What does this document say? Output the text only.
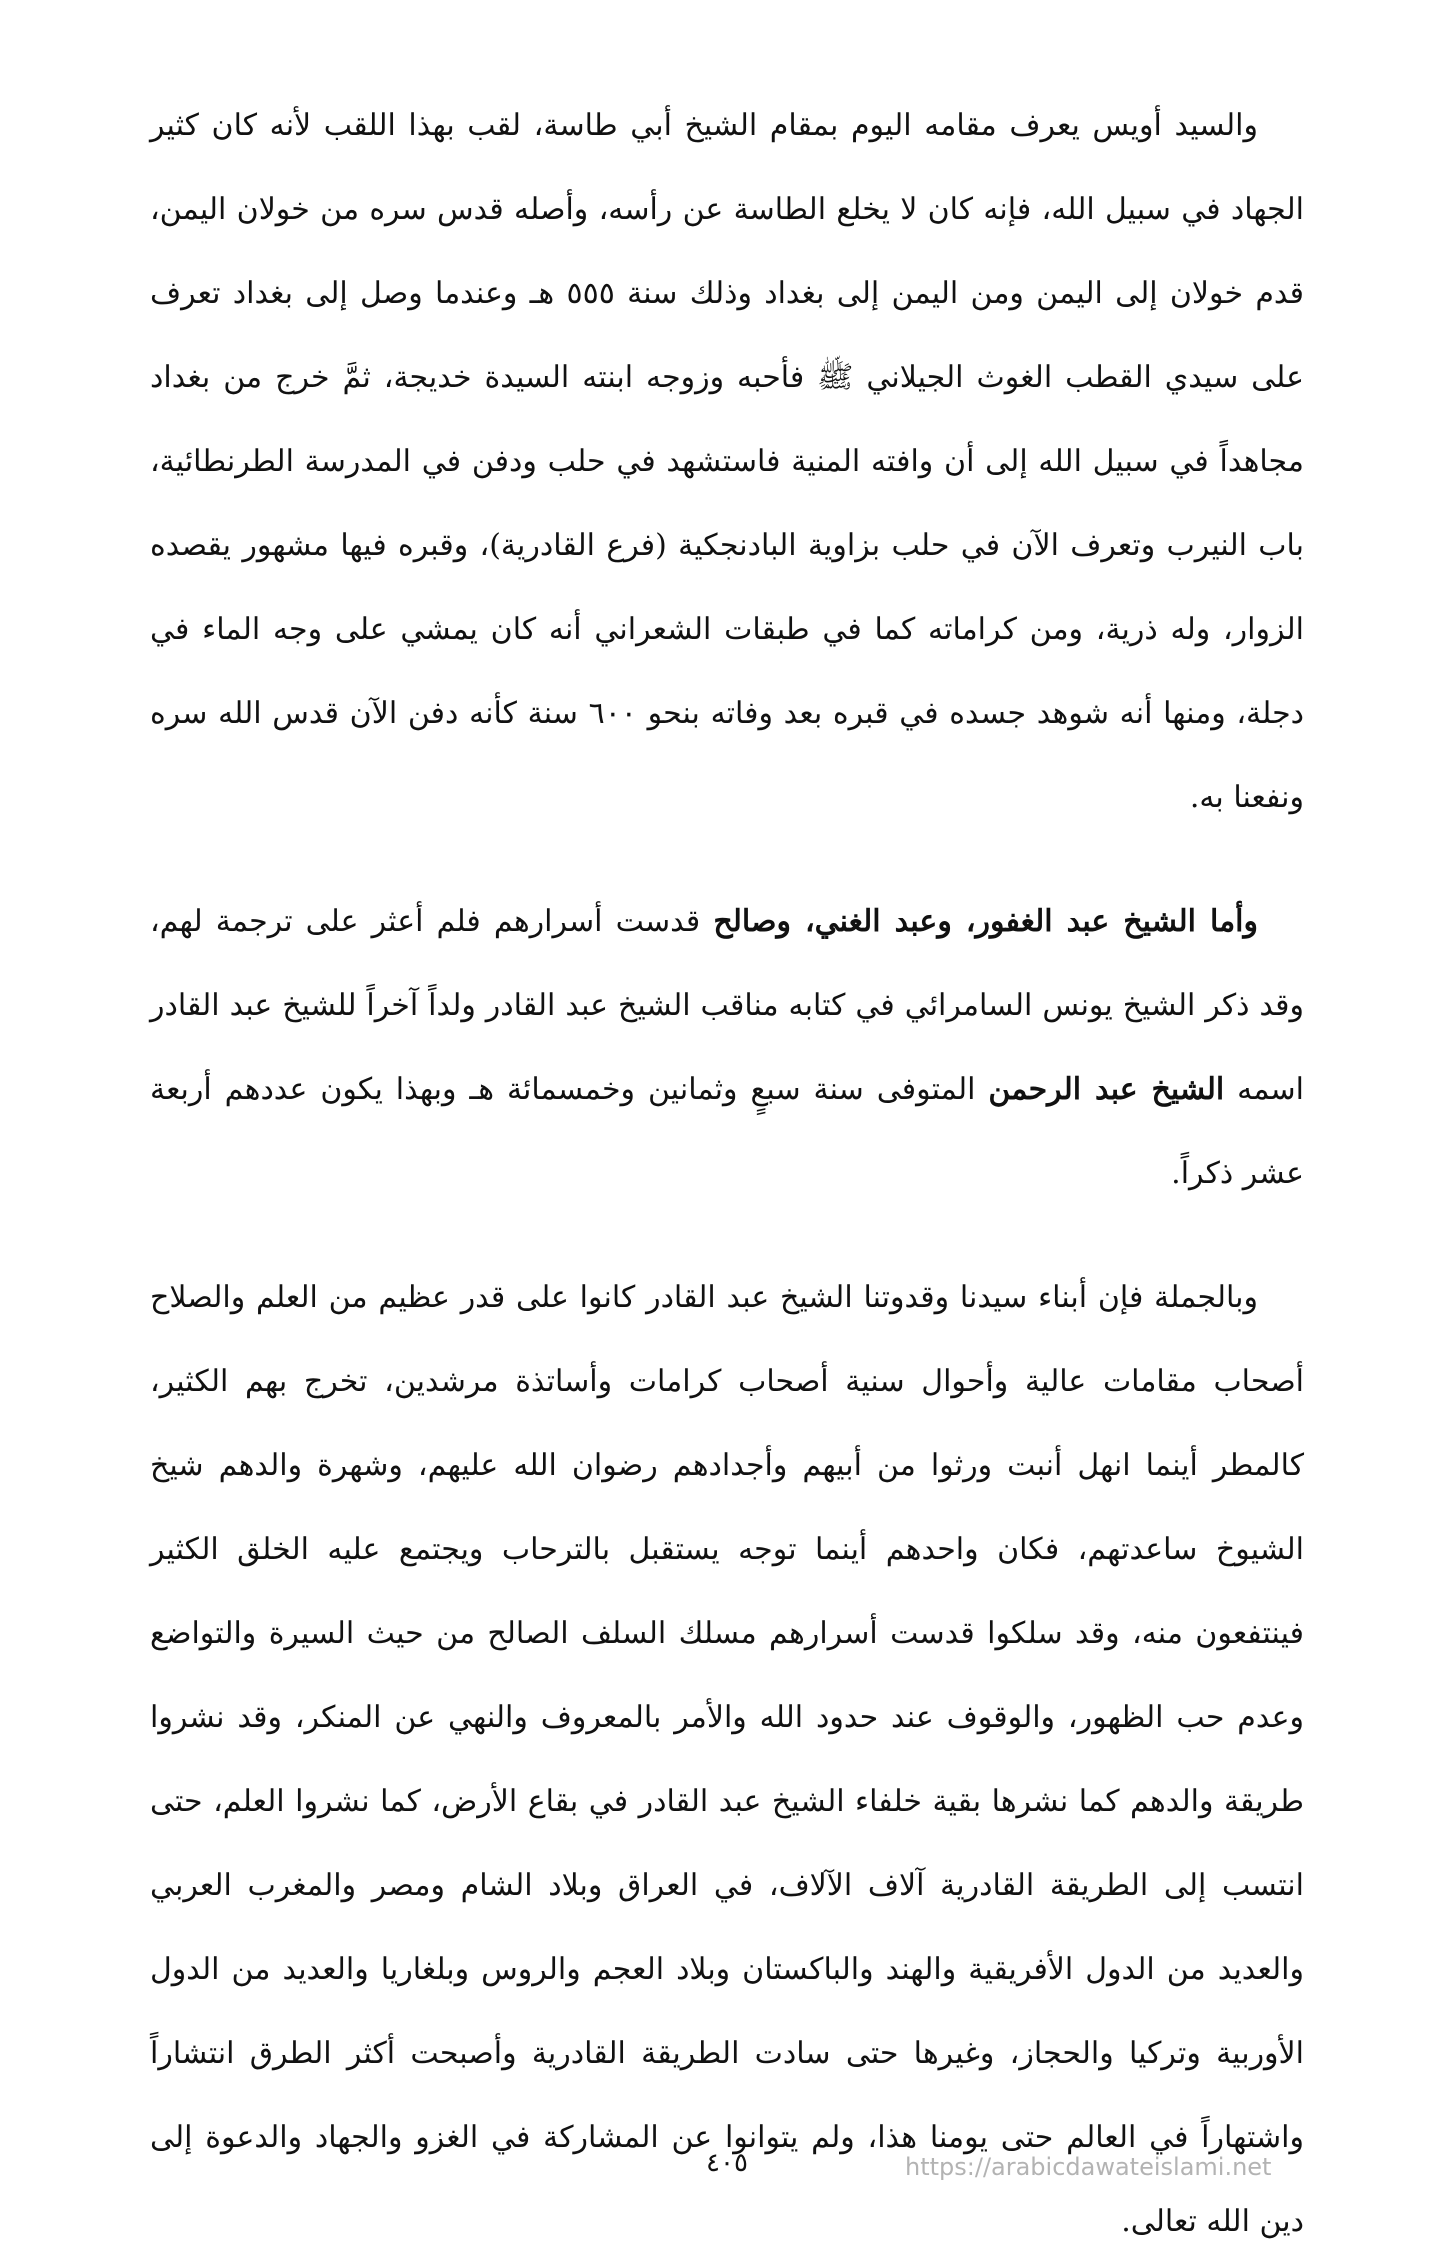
والسيد أويس يعرف مقامه اليوم بمقام الشيخ أبي طاسة، لقب بهذا اللقب لأنه كان كثير الجهاد في سبيل الله، فإنه كان لا يخلع الطاسة عن رأسه، وأصله قدس سره من خولان اليمن، قدم خولان إلى اليمن ومن اليمن إلى بغداد وذلك سنة ٥٥٥ هـ وعندما وصل إلى بغداد تعرف على سيدي القطب الغوث الجيلاني ﷺ فأحبه وزوجه ابنته السيدة خديجة، ثمَّ خرج من بغداد مجاهداً في سبيل الله إلى أن وافته المنية فاستشهد في حلب ودفن في المدرسة الطرنطائية، باب النيرب وتعرف الآن في حلب بزاوية البادنجكية (فرع القادرية)، وقبره فيها مشهور يقصده الزوار، وله ذرية، ومن كراماته كما في طبقات الشعراني أنه كان يمشي على وجه الماء في دجلة، ومنها أنه شوهد جسده في قبره بعد وفاته بنحو ٦٠٠ سنة كأنه دفن الآن قدس الله سره ونفعنا به.

وأما الشيخ عبد الغفور، وعبد الغني، وصالح قدست أسرارهم فلم أعثر على ترجمة لهم، وقد ذكر الشيخ يونس السامرائي في كتابه مناقب الشيخ عبد القادر ولداً آخراً للشيخ عبد القادر اسمه الشيخ عبد الرحمن المتوفى سنة سبعٍ وثمانين وخمسمائة هـ وبهذا يكون عددهم أربعة عشر ذكراً.

وبالجملة فإن أبناء سيدنا وقدوتنا الشيخ عبد القادر كانوا على قدر عظيم من العلم والصلاح أصحاب مقامات عالية وأحوال سنية أصحاب كرامات وأساتذة مرشدين، تخرج بهم الكثير، كالمطر أينما انهل أنبت ورثوا من أبيهم وأجدادهم رضوان الله عليهم، وشهرة والدهم شيخ الشيوخ ساعدتهم، فكان واحدهم أينما توجه يستقبل بالترحاب ويجتمع عليه الخلق الكثير فينتفعون منه، وقد سلكوا قدست أسرارهم مسلك السلف الصالح من حيث السيرة والتواضع وعدم حب الظهور، والوقوف عند حدود الله والأمر بالمعروف والنهي عن المنكر، وقد نشروا طريقة والدهم كما نشرها بقية خلفاء الشيخ عبد القادر في بقاع الأرض، كما نشروا العلم، حتى انتسب إلى الطريقة القادرية آلاف الآلاف، في العراق وبلاد الشام ومصر والمغرب العربي والعديد من الدول الأفريقية والهند والباكستان وبلاد العجم والروس وبلغاريا والعديد من الدول الأوربية وتركيا والحجاز، وغيرها حتى سادت الطريقة القادرية وأصبحت أكثر الطرق انتشاراً واشتهاراً في العالم حتى يومنا هذا، ولم يتوانوا عن المشاركة في الغزو والجهاد والدعوة إلى دين الله تعالى.

٤٠٥	https://arabicdawateislami.net
